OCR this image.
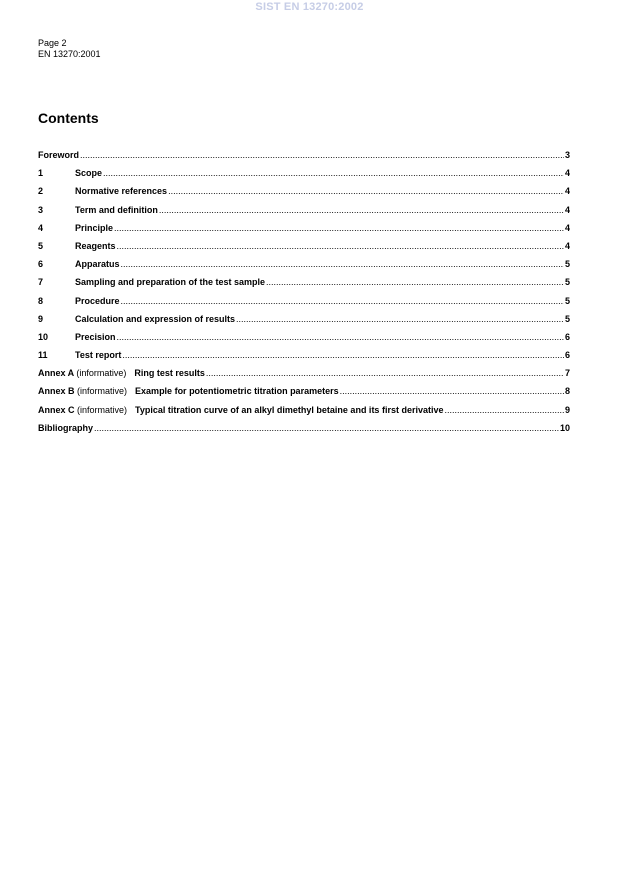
SIST EN 13270:2002
Page 2
EN 13270:2001
Contents
Foreword .....	3
1	Scope .....	4
2	Normative references .....	4
3	Term and definition .....	4
4	Principle .....	4
5	Reagents .....	4
6	Apparatus .....	5
7	Sampling and preparation of the test sample .....	5
8	Procedure .....	5
9	Calculation and expression of results .....	5
10	Precision .....	6
11	Test report .....	6
Annex A (informative) Ring test results .....	7
Annex B (informative) Example for potentiometric titration parameters .....	8
Annex C (informative) Typical titration curve of an alkyl dimethyl betaine and its first derivative .....	9
Bibliography .....	10
